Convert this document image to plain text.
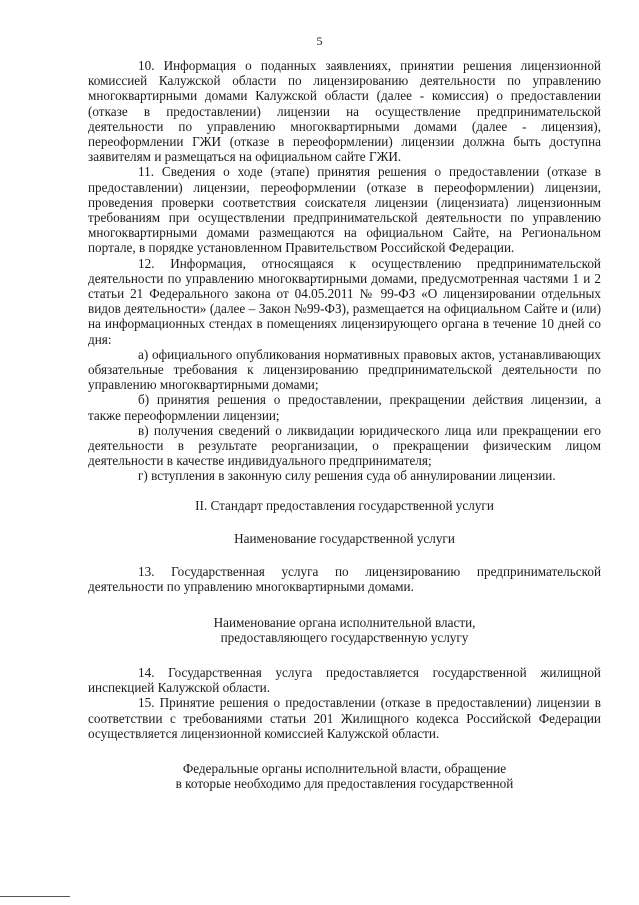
5

10. Информация о поданных заявлениях, принятии решения лицензионной комиссией Калужской области по лицензированию деятельности по управлению многоквартирными домами Калужской области (далее - комиссия) о предоставлении (отказе в предоставлении) лицензии на осуществление предпринимательской деятельности по управлению многоквартирными домами (далее - лицензия), переоформлении ГЖИ (отказе в переоформлении) лицензии должна быть доступна заявителям и размещаться на официальном сайте ГЖИ.

11. Сведения о ходе (этапе) принятия решения о предоставлении (отказе в предоставлении) лицензии, переоформлении (отказе в переоформлении) лицензии, проведения проверки соответствия соискателя лицензии (лицензиата) лицензионным требованиям при осуществлении предпринимательской деятельности по управлению многоквартирными домами размещаются на официальном Сайте, на Региональном портале, в порядке установленном Правительством Российской Федерации.

12. Информация, относящаяся к осуществлению предпринимательской деятельности по управлению многоквартирными домами, предусмотренная частями 1 и 2 статьи 21 Федерального закона от 04.05.2011 № 99-ФЗ «О лицензировании отдельных видов деятельности» (далее – Закон №99-ФЗ), размещается на официальном Сайте и (или) на информационных стендах в помещениях лицензирующего органа в течение 10 дней со дня:

а) официального опубликования нормативных правовых актов, устанавливающих обязательные требования к лицензированию предпринимательской деятельности по управлению многоквартирными домами;

б) принятия решения о предоставлении, прекращении действия лицензии, а также переоформлении лицензии;

в) получения сведений о ликвидации юридического лица или прекращении его деятельности в результате реорганизации, о прекращении физическим лицом деятельности в качестве индивидуального предпринимателя;

г) вступления в законную силу решения суда об аннулировании лицензии.

II. Стандарт предоставления государственной услуги

Наименование государственной услуги

13. Государственная услуга по лицензированию предпринимательской деятельности по управлению многоквартирными домами.

Наименование органа исполнительной власти,

предоставляющего государственную услугу

14. Государственная услуга предоставляется государственной жилищной инспекцией Калужской области.

15. Принятие решения о предоставлении (отказе в предоставлении) лицензии в соответствии с требованиями статьи 201 Жилищного кодекса Российской Федерации осуществляется лицензионной комиссией Калужской области.

Федеральные органы исполнительной власти, обращение

в которые необходимо для предоставления государственной
